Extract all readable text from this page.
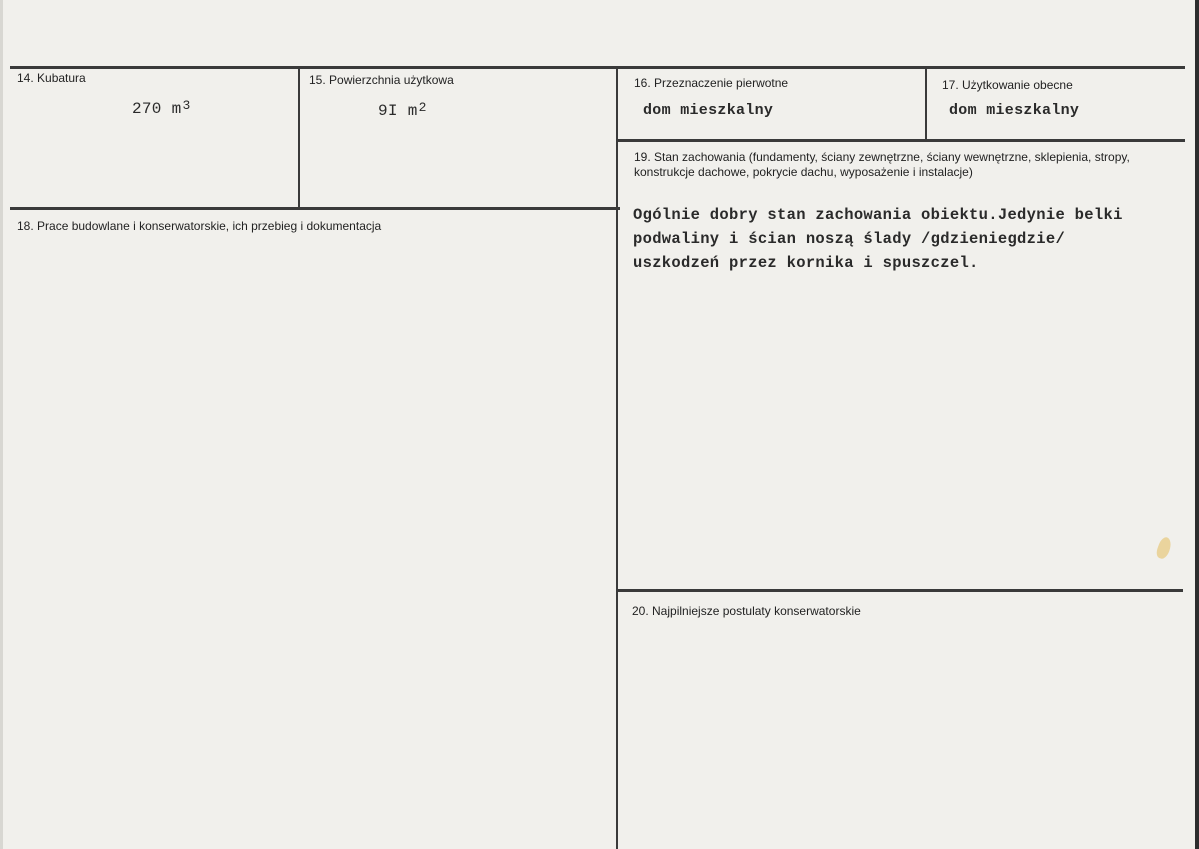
14. Kubatura
270 $m^3$
15. Powierzchnia użytkowa
9I $m^2$
16. Przeznaczenie pierwotne
dom mieszkalny
17. Użytkowanie obecne
dom mieszkalny
18. Prace budowlane i konserwatorskie, ich przebieg i dokumentacja
19. Stan zachowania (fundamenty, ściany zewnętrzne, ściany wewnętrzne, sklepienia, stropy, konstrukcje dachowe, pokrycie dachu, wyposażenie i instalacje)
Ogólnie dobry stan zachowania obiektu.Jedynie belki
podwaliny i ścian noszą ślady /gdzieniegdzie/
uszkodzeń przez kornika i spuszczel.
20. Najpilniejsze postulaty konserwatorskie
